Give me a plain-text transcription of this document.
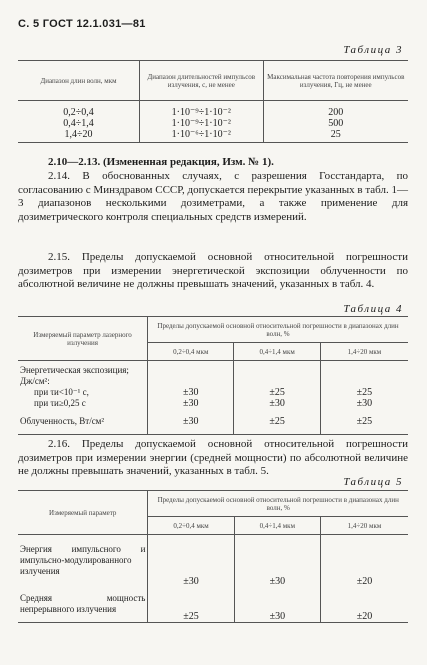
С. 5 ГОСТ 12.1.031—81
Таблица 3
Диапазон длин волн, мкм	Диапазон длительностей импульсов излучения, с, не менее	Максимальная частота повторения импульсов излучения, Гц, не менее

0,2÷0,4	1·10⁻⁹÷1·10⁻²	200
0,4÷1,4	1·10⁻⁹÷1·10⁻²	500
1,4÷20	1·10⁻⁶÷1·10⁻²	25
2.10—2.13. (Измененная редакция, Изм. № 1).
2.14. В обоснованных случаях, с разрешения Госстандарта, по согласованию с Минздравом СССР, допускается перекрытие указанных в табл. 1—3 диапазонов несколькими дозиметрами, а также применение для дозиметрического контроля специальных средств измерений.
2.15. Пределы допускаемой основной относительной погрешности дозиметров при измерении энергетической экспозиции облученности по абсолютной величине не должны превышать значений, указанных в табл. 4.
Таблица 4
Измеряемый параметр лазерного излучения	Пределы допускаемой основной относительной погрешности в диапазонах длин волн, %		
	0,2÷0,4 мкм	0,4÷1,4 мкм	1,4÷20 мкм
Энергетическая экспозиция; Дж/см²:			
при τи<10⁻¹ с,	±30	±25	±25
при τи≥0,25 с	±30	±30	±30
Облученность, Вт/см²	±30	±25	±25
2.16. Пределы допускаемой основной относительной погрешности дозиметров при измерении энергии (средней мощности) по абсолютной величине не должны превышать значений, указанных в табл. 5.
Таблица 5
Измеряемый параметр	Пределы допускаемой основной относительной погрешности в диапазонах длин волн, %		
	0,2÷0,4 мкм	0,4÷1,4 мкм	1,4÷20 мкм
Энергия импульсного и импульсно-модулированного излучения	±30	±30	±20
Средняя мощность непрерывного излучения	±25	±30	±20
